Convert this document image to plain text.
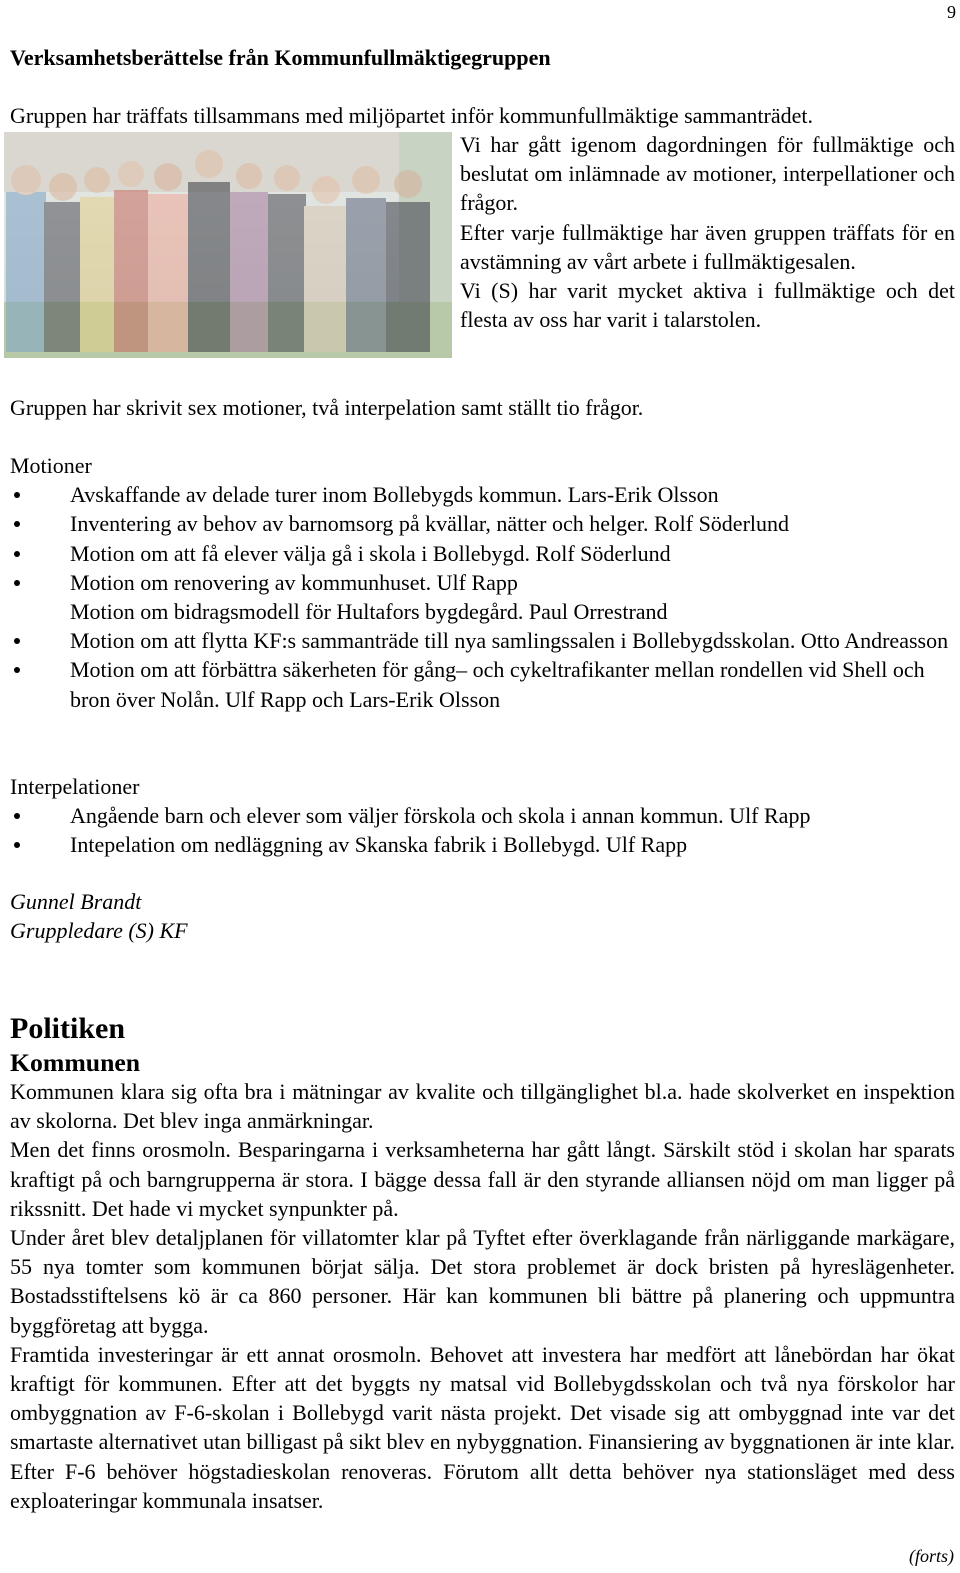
9
Verksamhetsberättelse från Kommunfullmäktigegruppen

Gruppen har träffats tillsammans med miljöpartet inför kommunfullmäktige sammanträdet.

Vi har gått igenom dagordningen för fullmäktige och beslutat om inlämnade av motioner, interpellationer och frågor.

Efter varje fullmäktige har även gruppen träffats för en avstämning av vårt arbete i fullmäktigesalen.

Vi (S) har varit mycket aktiva i fullmäktige och det flesta av oss har varit i talarstolen.

Gruppen har skrivit sex motioner, två interpelation samt ställt tio frågor.

Motioner
Avskaffande av delade turer inom Bollebygds kommun. Lars-Erik Olsson
Inventering av behov av barnomsorg på kvällar, nätter och helger. Rolf Söderlund
Motion om att få elever välja gå i skola i Bollebygd. Rolf Söderlund
Motion om renovering av kommunhuset. Ulf Rapp
Motion om bidragsmodell för Hultafors bygdegård. Paul Orrestrand
Motion om att flytta KF:s sammanträde till nya samlingssalen i Bollebygdsskolan. Otto Andreasson
Motion om att förbättra säkerheten för gång– och cykeltrafikanter mellan rondellen vid Shell och bron över Nolån. Ulf Rapp och Lars-Erik Olsson
Interpelationer
Angående barn och elever som väljer förskola och skola i annan kommun. Ulf Rapp
Intepelation om nedläggning av Skanska fabrik i Bollebygd. Ulf Rapp
Gunnel Brandt
Gruppledare (S) KF
Politiken
Kommunen

Kommunen klara sig ofta bra i mätningar av kvalite och tillgänglighet bl.a. hade skolverket en inspektion av skolorna. Det blev inga anmärkningar.

Men det finns orosmoln. Besparingarna i verksamheterna har gått långt. Särskilt stöd i skolan har sparats kraftigt på och barngrupperna är stora. I bägge dessa fall är den styrande alliansen nöjd om man ligger på rikssnitt. Det hade vi mycket synpunkter på.

Under året blev detaljplanen för villatomter klar på Tyftet efter överklagande från närliggande markägare, 55 nya tomter som kommunen börjat sälja. Det stora problemet är dock bristen på hyreslägenheter. Bostadsstiftelsens kö är ca 860 personer. Här kan kommunen bli bättre på planering och uppmuntra byggföretag att bygga.

Framtida investeringar är ett annat orosmoln. Behovet att investera har medfört att lånebördan har ökat kraftigt för kommunen. Efter att det byggts ny matsal vid Bollebygdsskolan och två nya förskolor har ombyggnation av F-6-skolan i Bollebygd varit nästa projekt. Det visade sig att ombyggnad inte var det smartaste alternativet utan billigast på sikt blev en nybyggnation. Finansiering av byggnationen är inte klar. Efter F-6 behöver högstadieskolan renoveras. Förutom allt detta behöver nya stationsläget med dess exploateringar kommunala insatser.

(forts)
